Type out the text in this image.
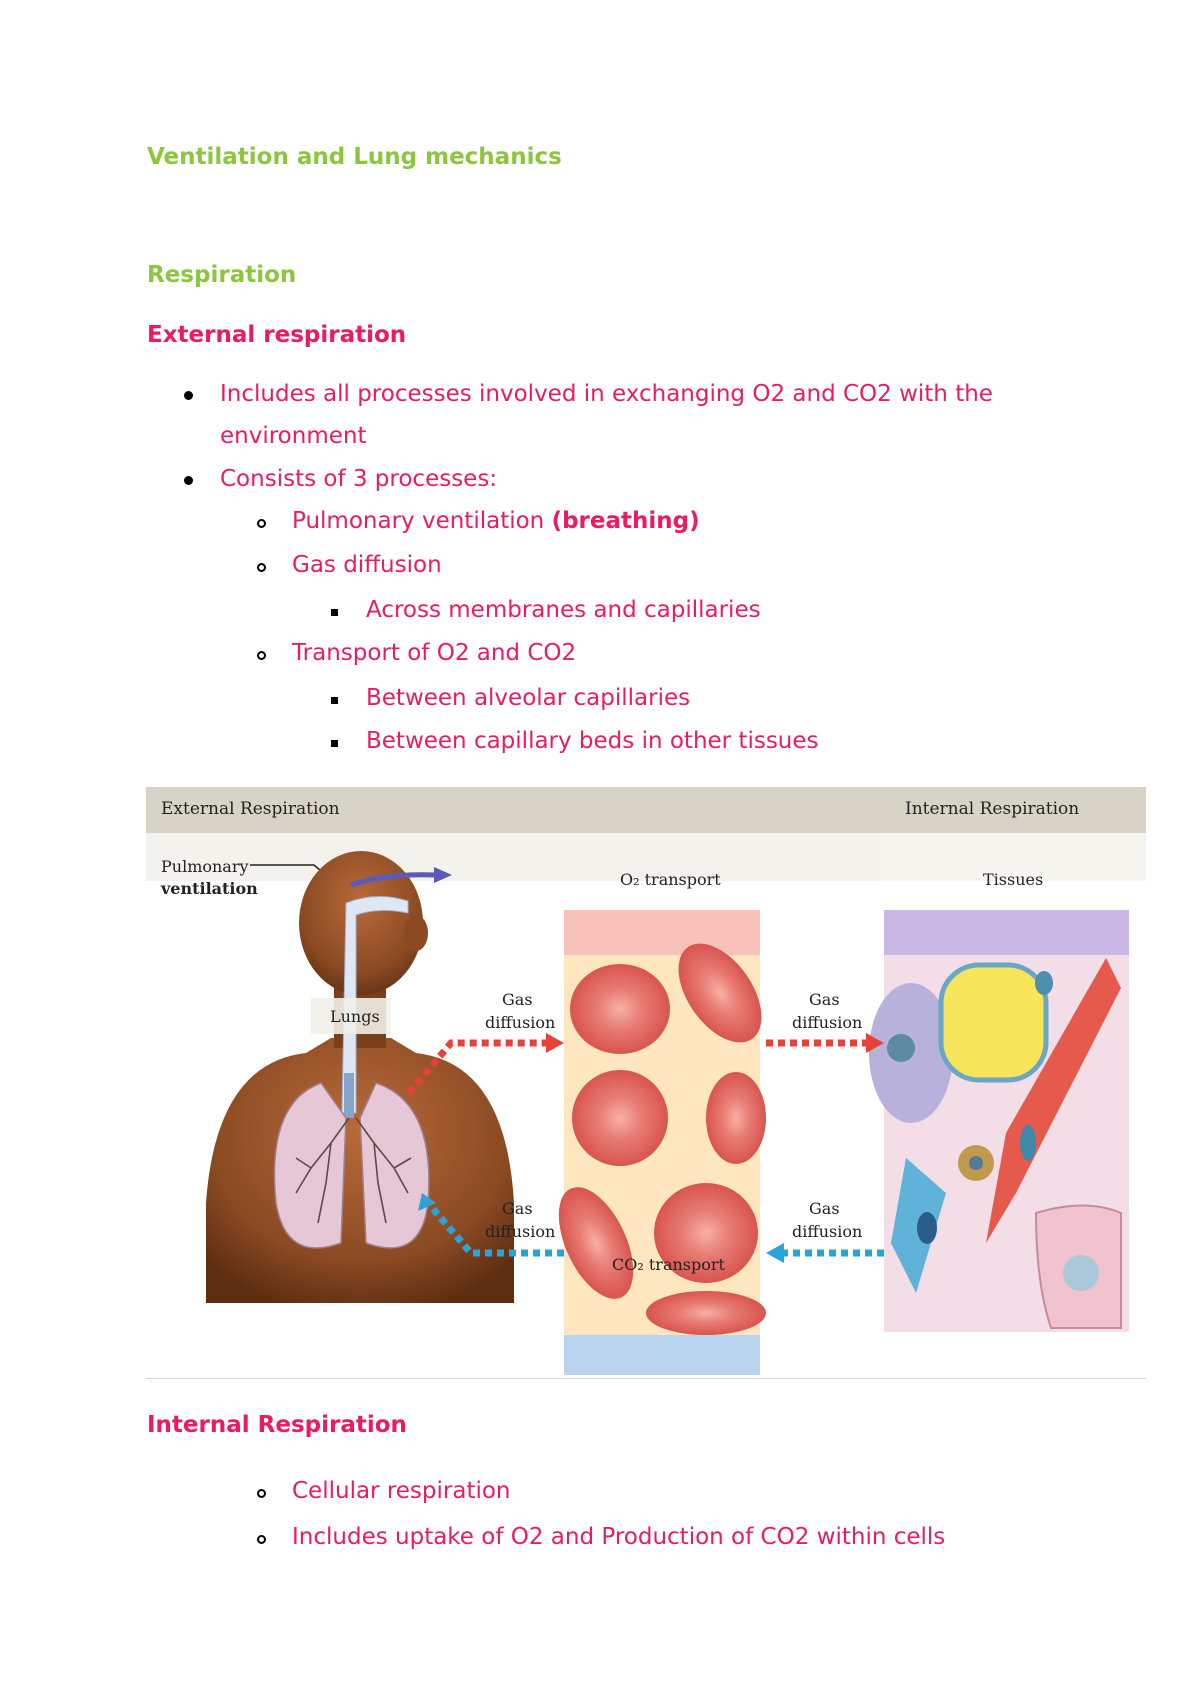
Ventilation and Lung mechanics
Respiration
External respiration
Includes all processes involved in exchanging O2 and CO2 with the
environment
Consists of 3 processes:
Pulmonary ventilation (breathing)
Gas diffusion
Across membranes and capillaries
Transport of O2 and CO2
Between alveolar capillaries
Between capillary beds in other tissues
External Respiration	Internal Respiration
Pulmonary
ventilation	O₂ transport	Tissues
Lungs
Gas
diffusion
Gas
diffusion
Gas
diffusion
Gas
diffusion
CO₂ transport
Internal Respiration
Cellular respiration
Includes uptake of O2 and Production of CO2 within cells
